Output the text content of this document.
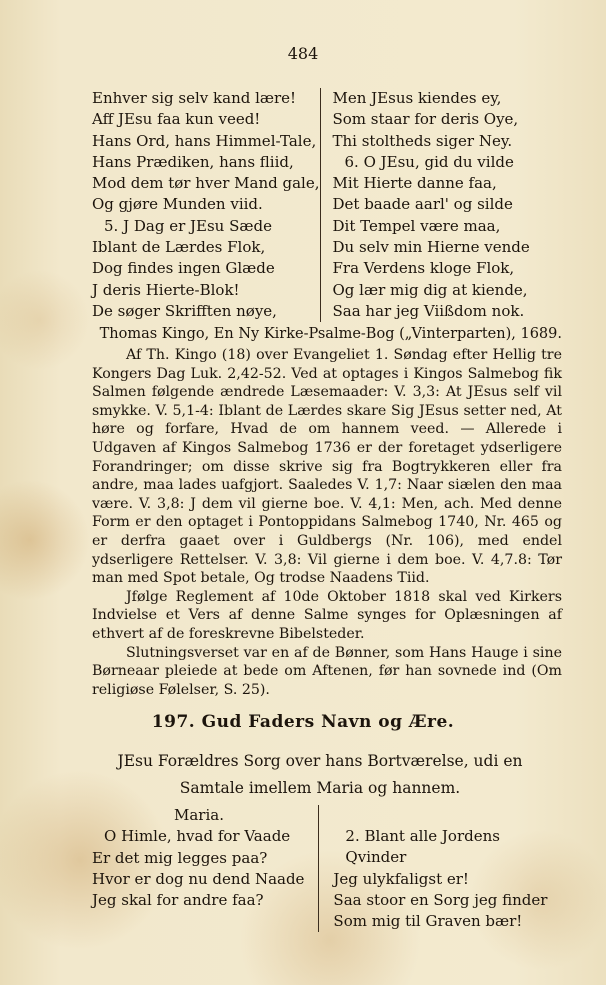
484
Enhver sig selv kand lære!
Aff JEsu faa kun veed!
Hans Ord, hans Himmel-Tale,
Hans Prædiken, hans fliid,
Mod dem tør hver Mand gale,
Og gjøre Munden viid.
5. J Dag er JEsu Sæde
Iblant de Lærdes Flok,
Dog findes ingen Glæde
J deris Hierte-Blok!
De søger Skrifften nøye,
Men JEsus kiendes ey,
Som staar for deris Oye,
Thi stoltheds siger Ney.
6. O JEsu, gid du vilde
Mit Hierte danne faa,
Det baade aarl' og silde
Dit Tempel være maa,
Du selv min Hierne vende
Fra Verdens kloge Flok,
Og lær mig dig at kiende,
Saa har jeg Viißdom nok.
Thomas Kingo, En Ny Kirke-Psalme-Bog („Vinterparten), 1689.

Af Th. Kingo (18) over Evangeliet 1. Søndag efter Hellig tre Kongers Dag Luk. 2,42-52. Ved at optages i Kingos Salmebog fik Salmen følgende ændrede Læsemaader: V. 3,3: At JEsus self vil smykke. V. 5,1-4: Iblant de Lærdes skare Sig JEsus setter ned, At høre og forfare, Hvad de om hannem veed. — Allerede i Udgaven af Kingos Salmebog 1736 er der foretaget ydserligere Forandringer; om disse skrive sig fra Bogtrykkeren eller fra andre, maa lades uafgjort. Saaledes V. 1,7: Naar siælen den maa være. V. 3,8: J dem vil gierne boe. V. 4,1: Men, ach. Med denne Form er den optaget i Pontoppidans Salmebog 1740, Nr. 465 og er derfra gaaet over i Guldbergs (Nr. 106), med endel ydserligere Rettelser. V. 3,8: Vil gierne i dem boe. V. 4,7.8: Tør man med Spot betale, Og trodse Naadens Tiid.

Jfølge Reglement af 10de Oktober 1818 skal ved Kirkers Indvielse et Vers af denne Salme synges for Oplæsningen af ethvert af de foreskrevne Bibelsteder.

Slutningsverset var en af de Bønner, som Hans Hauge i sine Børneaar pleiede at bede om Aftenen, før han sovnede ind (Om religiøse Følelser, S. 25).

197. Gud Faders Navn og Ære.
JEsu Forældres Sorg over hans Bortværelse, udi en
Samtale imellem Maria og hannem.
Maria.
O Himle, hvad for Vaade
Er det mig legges paa?
Hvor er dog nu dend Naade
Jeg skal for andre faa?
2. Blant alle Jordens Qvinder
Jeg ulykfaligst er!
Saa stoor en Sorg jeg finder
Som mig til Graven bær!
